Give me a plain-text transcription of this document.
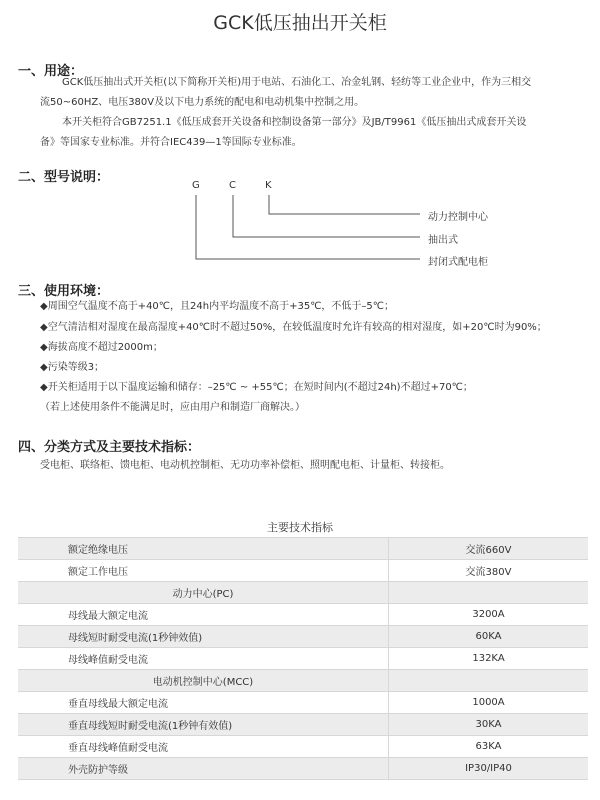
GCK低压抽出开关柜
一、用途：
GCK低压抽出式开关柜(以下简称开关柜)用于电站、石油化工、冶金轧钢、轻纺等工业企业中，作为三相交
流50~60HZ、电压380V及以下电力系统的配电和电动机集中控制之用。
本开关柜符合GB7251.1《低压成套开关设备和控制设备第一部分》及JB/T9961《低压抽出式成套开关设
备》等国家专业标准。并符合IEC439—1等国际专业标准。
二、型号说明：
G	C	K
动力控制中心
抽出式
封闭式配电柜
三、使用环境：
◆周围空气温度不高于+40℃，且24h内平均温度不高于+35℃，不低于–5℃；
◆空气清洁相对湿度在最高湿度+40℃时不超过50%，在较低温度时允许有较高的相对湿度，如+20℃时为90%；
◆海拔高度不超过2000m；
◆污染等级3；
◆开关柜适用于以下温度运输和储存：–25℃ ~ +55℃；在短时间内(不超过24h)不超过+70℃；
（若上述使用条件不能满足时，应由用户和制造厂商解决。）
四、分类方式及主要技术指标：
受电柜、联络柜、馈电柜、电动机控制柜、无功功率补偿柜、照明配电柜、计量柜、转接柜。
主要技术指标
额定绝缘电压	交流660V
额定工作电压	交流380V
动力中心(PC)	
母线最大额定电流	3200A
母线短时耐受电流(1秒钟效值)	60KA
母线峰值耐受电流	132KA
电动机控制中心(MCC)	
垂直母线最大额定电流	1000A
垂直母线短时耐受电流(1秒钟有效值)	30KA
垂直母线峰值耐受电流	63KA
外壳防护等级	IP30/IP40
